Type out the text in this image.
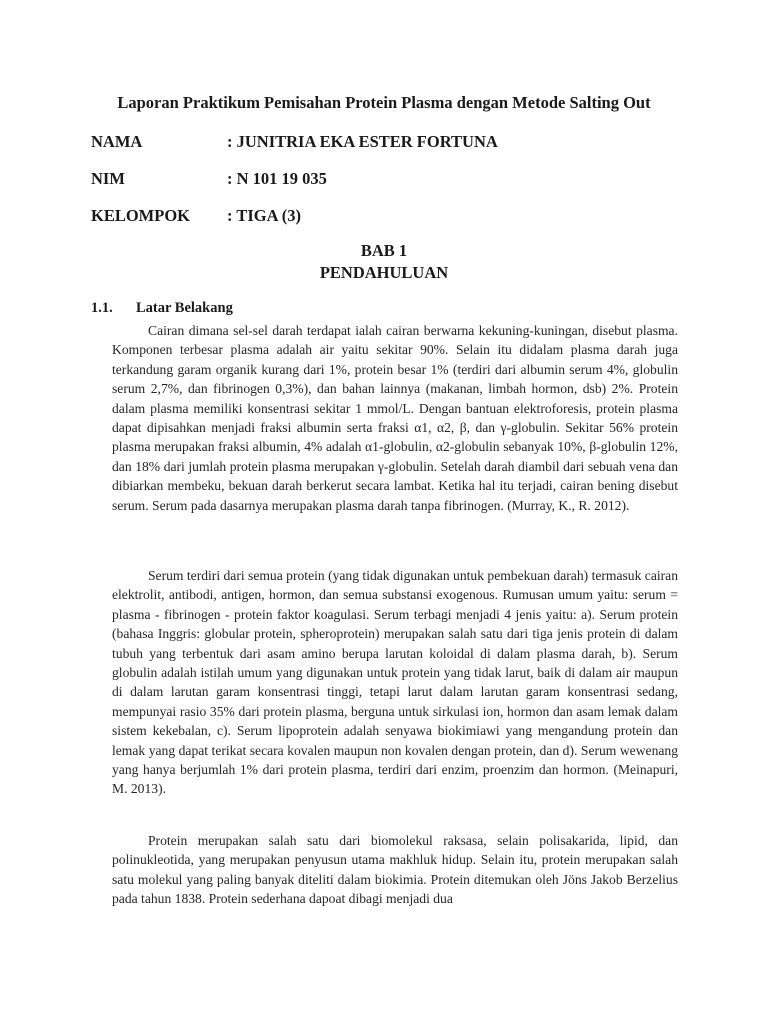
Laporan Praktikum Pemisahan Protein Plasma dengan Metode Salting Out
NAMA	: JUNITRIA EKA ESTER FORTUNA
NIM	: N 101 19 035
KELOMPOK : TIGA (3)
BAB 1
PENDAHULUAN
1.1. Latar Belakang

Cairan dimana sel-sel darah terdapat ialah cairan berwarna kekuning-kuningan, disebut plasma. Komponen terbesar plasma adalah air yaitu sekitar 90%. Selain itu didalam plasma darah juga terkandung garam organik kurang dari 1%, protein besar 1% (terdiri dari albumin serum 4%, globulin serum 2,7%, dan fibrinogen 0,3%), dan bahan lainnya (makanan, limbah hormon, dsb) 2%. Protein dalam plasma memiliki konsentrasi sekitar 1 mmol/L. Dengan bantuan elektroforesis, protein plasma dapat dipisahkan menjadi fraksi albumin serta fraksi α1, α2, β, dan γ-globulin. Sekitar 56% protein plasma merupakan fraksi albumin, 4% adalah α1-globulin, α2-globulin sebanyak 10%, β-globulin 12%, dan 18% dari jumlah protein plasma merupakan γ-globulin. Setelah darah diambil dari sebuah vena dan dibiarkan membeku, bekuan darah berkerut secara lambat. Ketika hal itu terjadi, cairan bening disebut serum. Serum pada dasarnya merupakan plasma darah tanpa fibrinogen. (Murray, K., R. 2012).

Serum terdiri dari semua protein (yang tidak digunakan untuk pembekuan darah) termasuk cairan elektrolit, antibodi, antigen, hormon, dan semua substansi exogenous. Rumusan umum yaitu: serum = plasma - fibrinogen - protein faktor koagulasi. Serum terbagi menjadi 4 jenis yaitu: a). Serum protein (bahasa Inggris: globular protein, spheroprotein) merupakan salah satu dari tiga jenis protein di dalam tubuh yang terbentuk dari asam amino berupa larutan koloidal di dalam plasma darah, b). Serum globulin adalah istilah umum yang digunakan untuk protein yang tidak larut, baik di dalam air maupun di dalam larutan garam konsentrasi tinggi, tetapi larut dalam larutan garam konsentrasi sedang, mempunyai rasio 35% dari protein plasma, berguna untuk sirkulasi ion, hormon dan asam lemak dalam sistem kekebalan, c). Serum lipoprotein adalah senyawa biokimiawi yang mengandung protein dan lemak yang dapat terikat secara kovalen maupun non kovalen dengan protein, dan d). Serum wewenang yang hanya berjumlah 1% dari protein plasma, terdiri dari enzim, proenzim dan hormon. (Meinapuri, M. 2013).

Protein merupakan salah satu dari biomolekul raksasa, selain polisakarida, lipid, dan polinukleotida, yang merupakan penyusun utama makhluk hidup. Selain itu, protein merupakan salah satu molekul yang paling banyak diteliti dalam biokimia. Protein ditemukan oleh Jöns Jakob Berzelius pada tahun 1838. Protein sederhana dapoat dibagi menjadi dua
